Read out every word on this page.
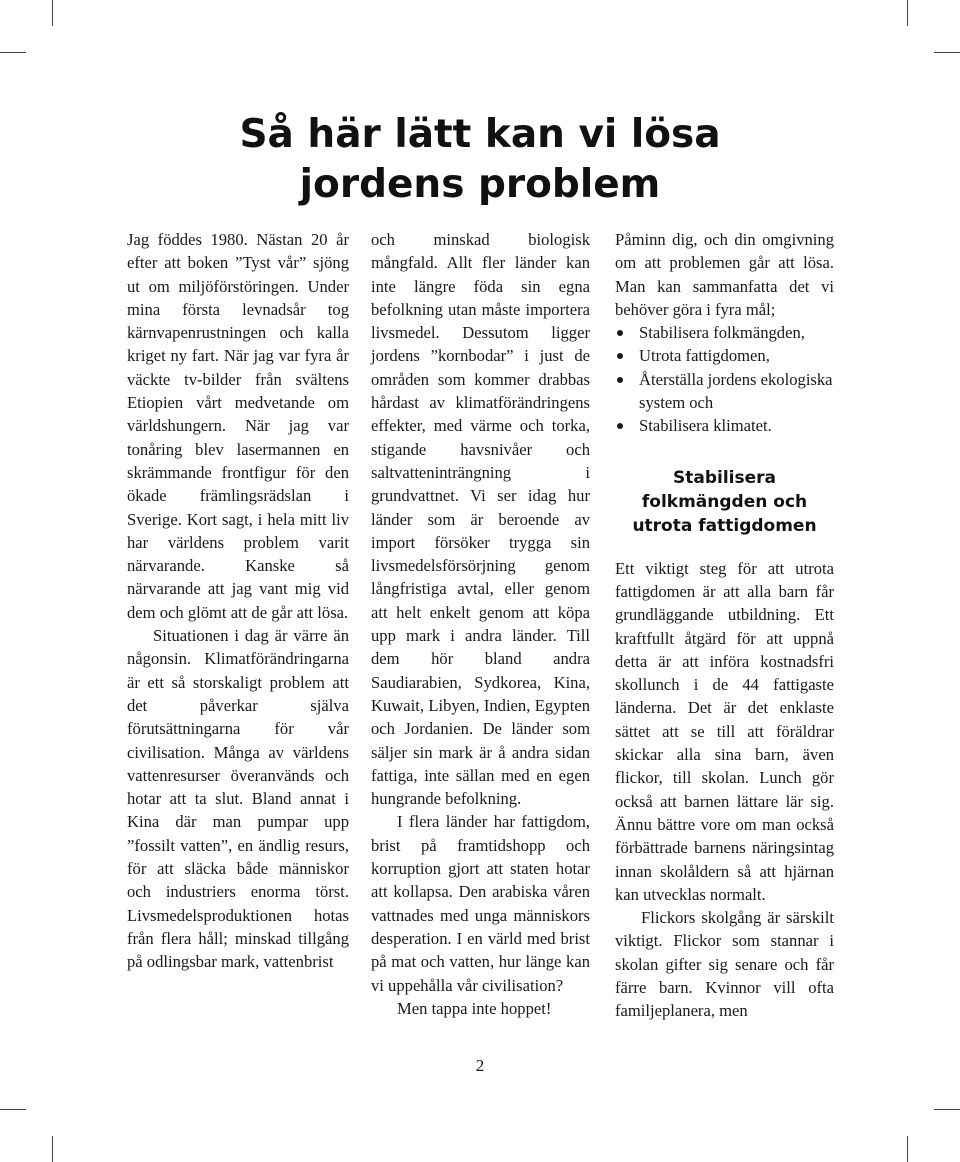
Så här lätt kan vi lösa jordens problem

Jag föddes 1980. Nästan 20 år efter att boken ”Tyst vår” sjöng ut om miljöförstöringen. Under mina första levnadsår tog kärnvapenrustningen och kalla kriget ny fart. När jag var fyra år väckte tv-bilder från svältens Etiopien vårt medvetande om världshungern. När jag var tonåring blev lasermannen en skrämmande frontfigur för den ökade främlingsrädslan i Sverige. Kort sagt, i hela mitt liv har världens problem varit närvarande. Kanske så närvarande att jag vant mig vid dem och glömt att de går att lösa.

Situationen i dag är värre än någonsin. Klimatförändringarna är ett så storskaligt problem att det påverkar själva förutsättningarna för vår civilisation. Många av världens vattenresurser överanvänds och hotar att ta slut. Bland annat i Kina där man pumpar upp ”fossilt vatten”, en ändlig resurs, för att släcka både människor och industriers enorma törst. Livsmedelsproduktionen hotas från flera håll; minskad tillgång på odlingsbar mark, vattenbrist

och minskad biologisk mångfald. Allt fler länder kan inte längre föda sin egna befolkning utan måste importera livsmedel. Dessutom ligger jordens ”kornbodar” i just de områden som kommer drabbas hårdast av klimatförändringens effekter, med värme och torka, stigande havsnivåer och saltvatteninträngning i grundvattnet. Vi ser idag hur länder som är beroende av import försöker trygga sin livsmedelsförsörjning genom långfristiga avtal, eller genom att helt enkelt genom att köpa upp mark i andra länder. Till dem hör bland andra Saudiarabien, Sydkorea, Kina, Kuwait, Libyen, Indien, Egypten och Jordanien. De länder som säljer sin mark är å andra sidan fattiga, inte sällan med en egen hungrande befolkning.

I flera länder har fattigdom, brist på framtidshopp och korruption gjort att staten hotar att kollapsa. Den arabiska våren vattnades med unga människors desperation. I en värld med brist på mat och vatten, hur länge kan vi uppehålla vår civilisation?

Men tappa inte hoppet!

Påminn dig, och din omgivning om att problemen går att lösa. Man kan sammanfatta det vi behöver göra i fyra mål;

Stabilisera folkmängden,
Utrota fattigdomen,
Återställa jordens ekologiska system och
Stabilisera klimatet.
Stabilisera folkmängden och utrota fattigdomen

Ett viktigt steg för att utrota fattigdomen är att alla barn får grundläggande utbildning. Ett kraftfullt åtgärd för att uppnå detta är att införa kostnadsfri skollunch i de 44 fattigaste länderna. Det är det enklaste sättet att se till att föräldrar skickar alla sina barn, även flickor, till skolan. Lunch gör också att barnen lättare lär sig. Ännu bättre vore om man också förbättrade barnens näringsintag innan skolåldern så att hjärnan kan utvecklas normalt.

Flickors skolgång är särskilt viktigt. Flickor som stannar i skolan gifter sig senare och får färre barn. Kvinnor vill ofta familjeplanera, men

2
